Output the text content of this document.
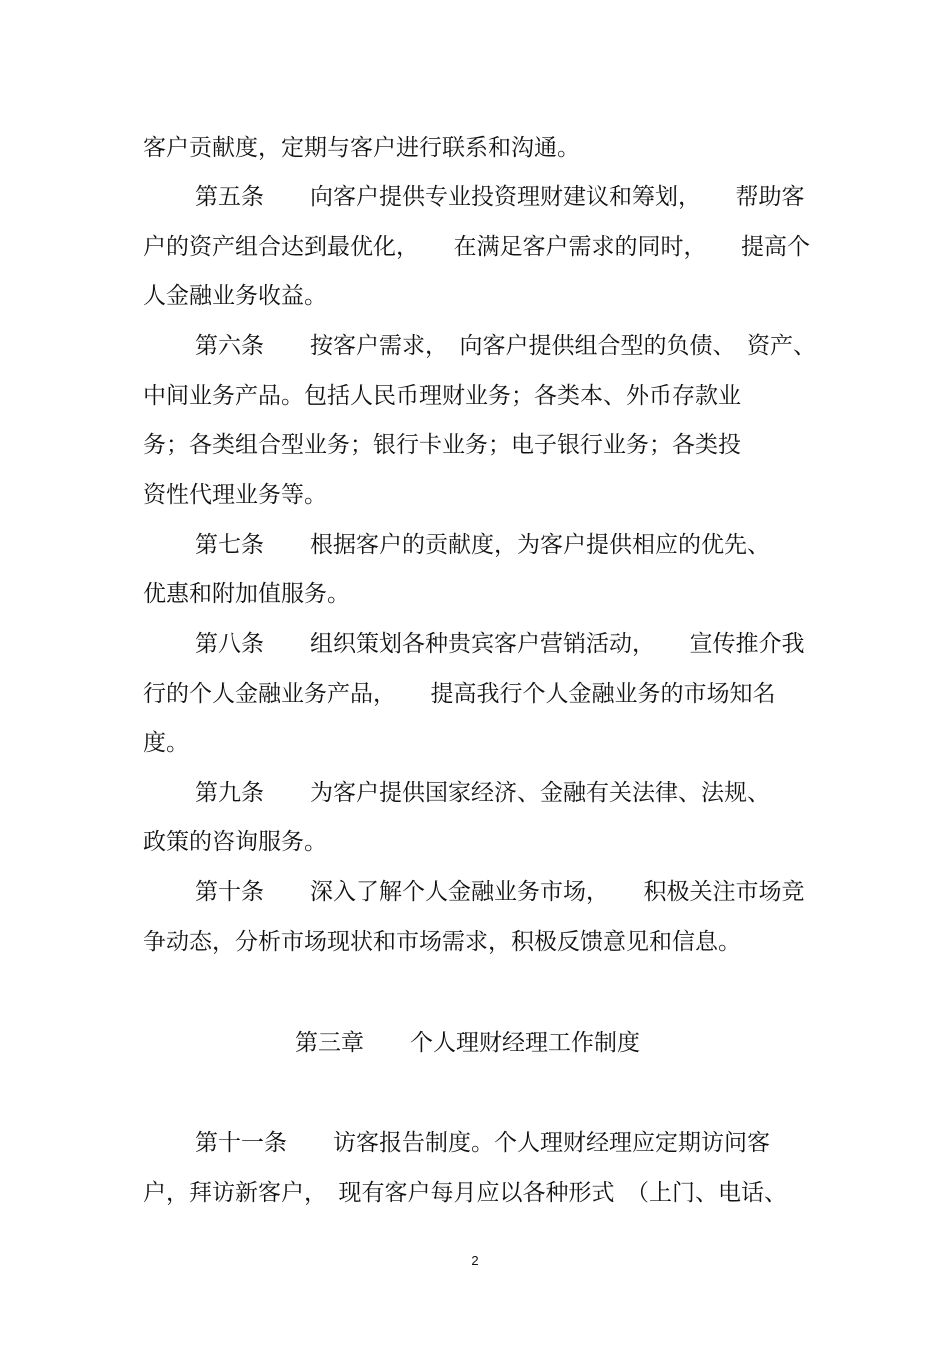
客户贡献度，定期与客户进行联系和沟通。
第五条　　向客户提供专业投资理财建议和筹划，　　帮助客
户的资产组合达到最优化，　　在满足客户需求的同时，　　提高个
人金融业务收益。
第六条　　按客户需求，　向客户提供组合型的负债、　资产、
中间业务产品。包括人民币理财业务；各类本、外币存款业
务；各类组合型业务；银行卡业务；电子银行业务；各类投
资性代理业务等。
第七条　　根据客户的贡献度，为客户提供相应的优先、
优惠和附加值服务。
第八条　　组织策划各种贵宾客户营销活动，　　宣传推介我
行的个人金融业务产品，　　提高我行个人金融业务的市场知名
度。
第九条　　为客户提供国家经济、金融有关法律、法规、
政策的咨询服务。
第十条　　深入了解个人金融业务市场，　　积极关注市场竞
争动态，分析市场现状和市场需求，积极反馈意见和信息。
第三章　　个人理财经理工作制度
第十一条　　访客报告制度。个人理财经理应定期访问客
户，拜访新客户，　现有客户每月应以各种形式　（上门、电话、
2
